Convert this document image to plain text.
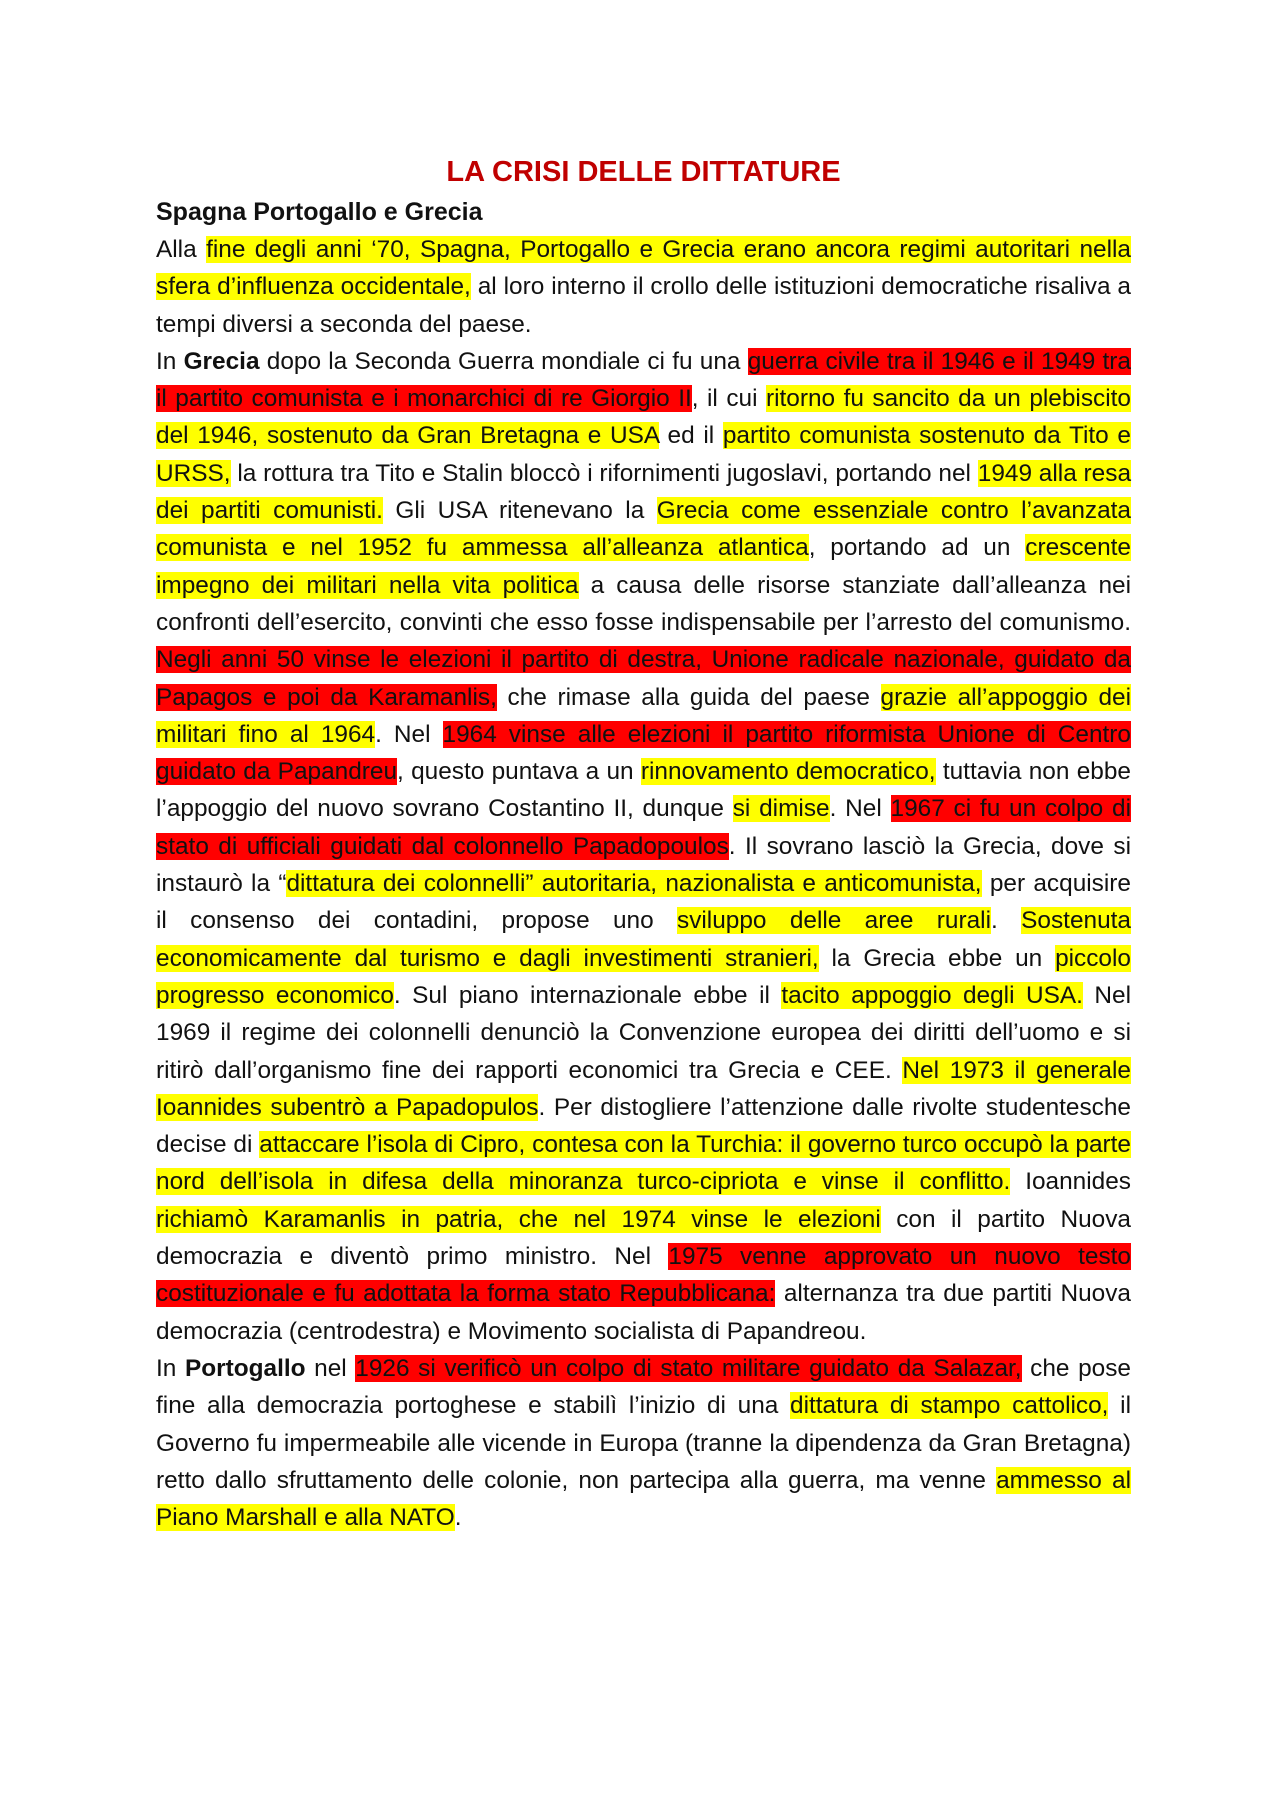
LA CRISI DELLE DITTATURE
Spagna Portogallo e Grecia

Alla fine degli anni ‘70, Spagna, Portogallo e Grecia erano ancora regimi autoritari nella sfera d’influenza occidentale, al loro interno il crollo delle istituzioni democratiche risaliva a tempi diversi a seconda del paese.

In Grecia dopo la Seconda Guerra mondiale ci fu una guerra civile tra il 1946 e il 1949 tra il partito comunista e i monarchici di re Giorgio II, il cui ritorno fu sancito da un plebiscito del 1946, sostenuto da Gran Bretagna e USA ed il partito comunista sostenuto da Tito e URSS, la rottura tra Tito e Stalin bloccò i rifornimenti jugoslavi, portando nel 1949 alla resa dei partiti comunisti. Gli USA ritenevano la Grecia come essenziale contro l’avanzata comunista e nel 1952 fu ammessa all’alleanza atlantica, portando ad un crescente impegno dei militari nella vita politica a causa delle risorse stanziate dall’alleanza nei confronti dell’esercito, convinti che esso fosse indispensabile per l’arresto del comunismo. Negli anni 50 vinse le elezioni il partito di destra, Unione radicale nazionale, guidato da Papagos e poi da Karamanlis, che rimase alla guida del paese grazie all’appoggio dei militari fino al 1964. Nel 1964 vinse alle elezioni il partito riformista Unione di Centro guidato da Papandreu, questo puntava a un rinnovamento democratico, tuttavia non ebbe l’appoggio del nuovo sovrano Costantino II, dunque si dimise. Nel 1967 ci fu un colpo di stato di ufficiali guidati dal colonnello Papadopoulos. Il sovrano lasciò la Grecia, dove si instaurò la “dittatura dei colonnelli” autoritaria, nazionalista e anticomunista, per acquisire il consenso dei contadini, propose uno sviluppo delle aree rurali. Sostenuta economicamente dal turismo e dagli investimenti stranieri, la Grecia ebbe un piccolo progresso economico. Sul piano internazionale ebbe il tacito appoggio degli USA. Nel 1969 il regime dei colonnelli denunciò la Convenzione europea dei diritti dell’uomo e si ritirò dall’organismo fine dei rapporti economici tra Grecia e CEE. Nel 1973 il generale Ioannides subentrò a Papadopulos. Per distogliere l’attenzione dalle rivolte studentesche decise di attaccare l’isola di Cipro, contesa con la Turchia: il governo turco occupò la parte nord dell’isola in difesa della minoranza turco-cipriota e vinse il conflitto. Ioannides richiamò Karamanlis in patria, che nel 1974 vinse le elezioni con il partito Nuova democrazia e diventò primo ministro. Nel 1975 venne approvato un nuovo testo costituzionale e fu adottata la forma stato Repubblicana: alternanza tra due partiti Nuova democrazia (centrodestra) e Movimento socialista di Papandreou.

In Portogallo nel 1926 si verificò un colpo di stato militare guidato da Salazar, che pose fine alla democrazia portoghese e stabilì l’inizio di una dittatura di stampo cattolico, il Governo fu impermeabile alle vicende in Europa (tranne la dipendenza da Gran Bretagna) retto dallo sfruttamento delle colonie, non partecipa alla guerra, ma venne ammesso al Piano Marshall e alla NATO.
